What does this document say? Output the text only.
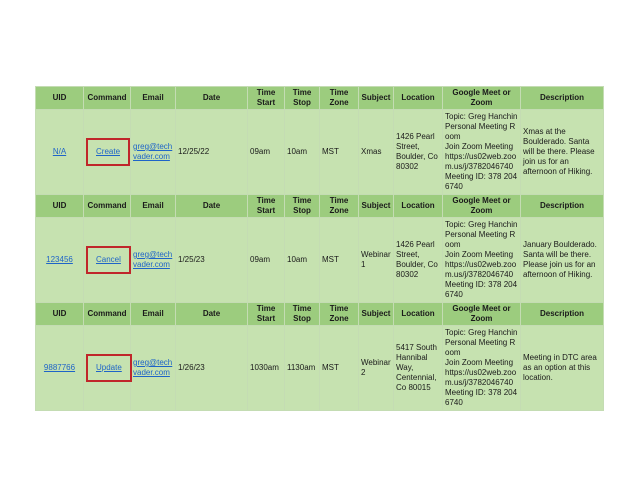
UID	Command	Email	Date	Time Start	Time Stop	Time Zone	Subject	Location	Google Meet or Zoom	Description
N/A	Create	greg@techvader.com	12/25/22	09am	10am	MST	Xmas	1426 Pearl Street, Boulder, Co 80302	Topic: Greg Hanchin Personal Meeting Room
Join Zoom Meeting
https://us02web.zoom.us/j/3782046740
Meeting ID: 378 204 6740	Xmas at the Boulderado. Santa will be there. Please join us for an afternoon of Hiking.
UID	Command	Email	Date	Time Start	Time Stop	Time Zone	Subject	Location	Google Meet or Zoom	Description
123456	Cancel	greg@techvader.com	1/25/23	09am	10am	MST	Webinar 1	1426 Pearl Street, Boulder, Co 80302	Topic: Greg Hanchin Personal Meeting Room
Join Zoom Meeting
https://us02web.zoom.us/j/3782046740
Meeting ID: 378 204 6740	January Boulderado. Santa will be there. Please join us for an afternoon of Hiking.
UID	Command	Email	Date	Time Start	Time Stop	Time Zone	Subject	Location	Google Meet or Zoom	Description
9887766	Update	greg@techvader.com	1/26/23	1030am	1130am	MST	Webinar 2	5417 South Hannibal Way, Centennial, Co 80015	Topic: Greg Hanchin Personal Meeting Room
Join Zoom Meeting
https://us02web.zoom.us/j/3782046740
Meeting ID: 378 204 6740	Meeting in DTC area as an option at this location.
